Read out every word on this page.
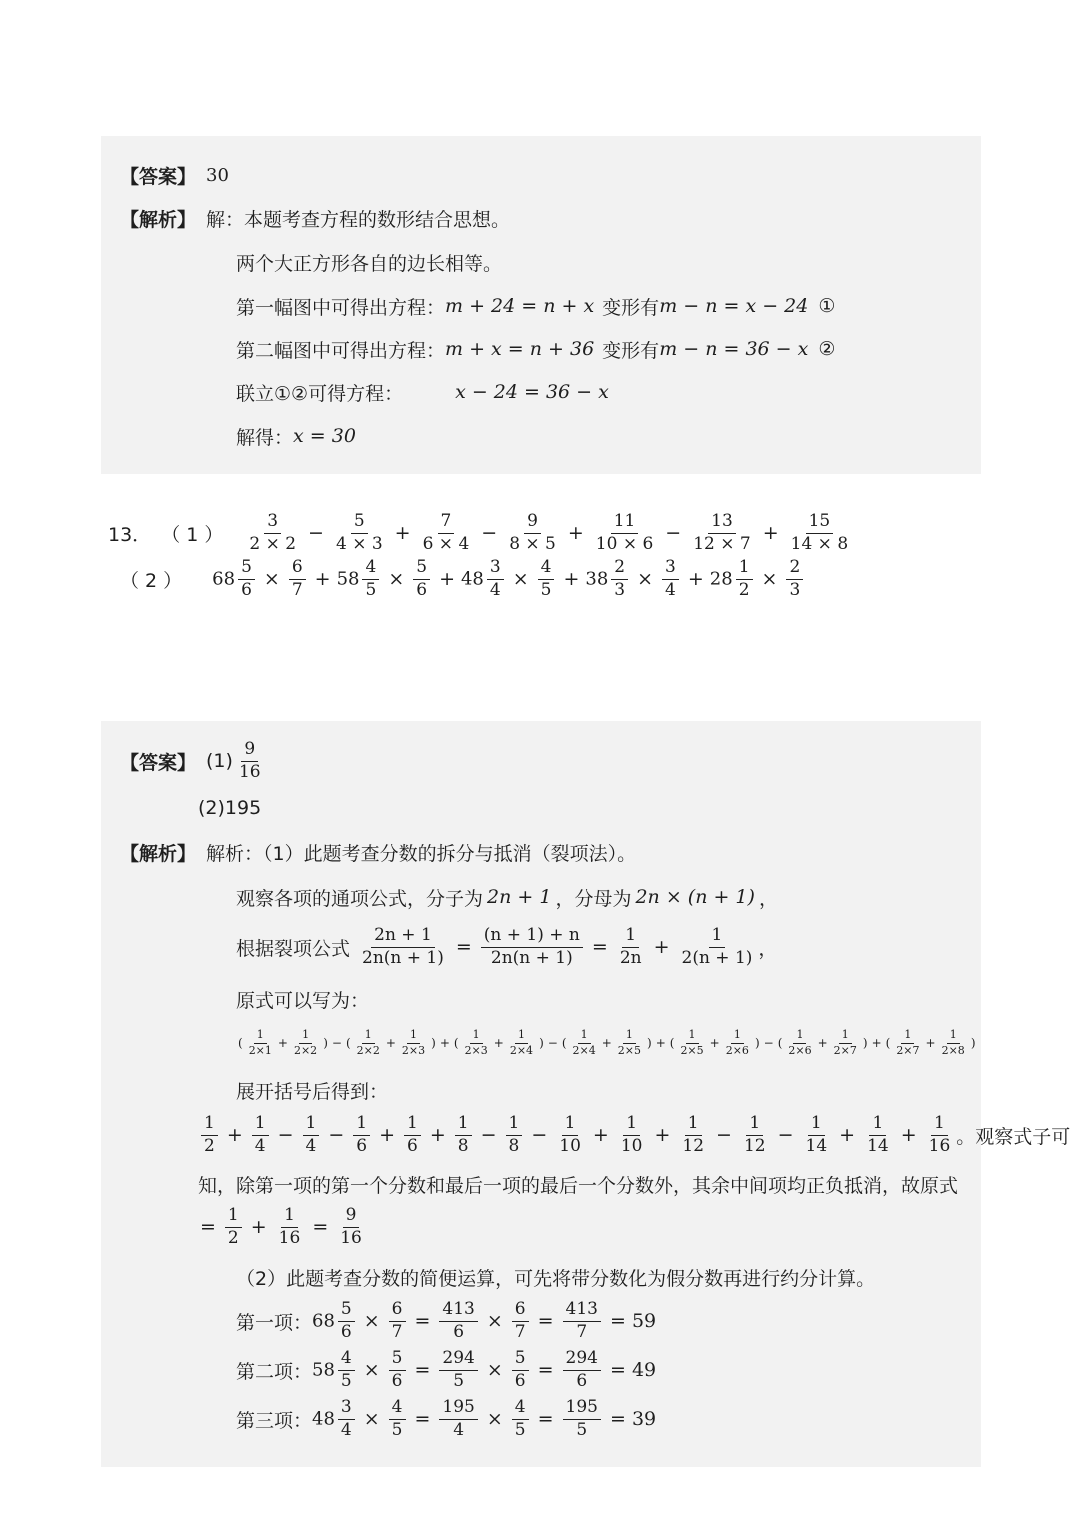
【答案】 30
【解析】 解：本题考查方程的数形结合思想。
两个大正方形各自的边长相等。
第一幅图中可得出方程： m + 24 = n + x 变形有 m − n = x − 24 ①
第二幅图中可得出方程： m + x = n + 36 变形有 m − n = 36 − x ②
联立①②可得方程：	x − 24 = 36 − x
解得： x = 30
13． （ 1 ） $\frac{3}{2 \times 2} - \frac{5}{4 \times 3} + \frac{7}{6 \times 4} - \frac{9}{8 \times 5} + \frac{11}{10 \times 6} - \frac{13}{12 \times 7} + \frac{15}{14 \times 8}$
（ 2 ） $68 \frac{5}{6} \times \frac{6}{7} + 58 \frac{4}{5} \times \frac{5}{6} + 48 \frac{3}{4} \times \frac{4}{5} + 38 \frac{2}{3} \times \frac{3}{4} + 28 \frac{1}{2} \times \frac{2}{3}$
【答案】 $(1) \frac{9}{16}$
(2)195
【解析】 解析：（1）此题考查分数的拆分与抵消（裂项法）。
观察各项的通项公式，分子为 2n + 1 ，分母为 2n × (n + 1) ，
根据裂项公式 $\frac{2n + 1}{2n(n + 1)} = \frac{(n + 1) + n}{2n(n + 1)} = \frac{1}{2n} + \frac{1}{2(n + 1)}$ ，
原式可以写为：
( $\frac{1}{2\times 1} + \frac{1}{2\times 2}$ ) − ( $\frac{1}{2\times 2} + \frac{1}{2\times 3}$ ) + ( $\frac{1}{2\times 3} + \frac{1}{2\times 4}$ ) − ( $\frac{1}{2\times 4} + \frac{1}{2\times 5}$ ) + ( $\frac{1}{2\times 5} + \frac{1}{2\times 6}$ ) − ( $\frac{1}{2\times 6} + \frac{1}{2\times 7}$ ) + ( $\frac{1}{2\times 7} + \frac{1}{2\times 8}$ )
展开括号后得到：
$\frac{1}{2} + \frac{1}{4} - \frac{1}{4} - \frac{1}{6} + \frac{1}{6} + \frac{1}{8} - \frac{1}{8} - \frac{1}{10} + \frac{1}{10} + \frac{1}{12} - \frac{1}{12} - \frac{1}{14} + \frac{1}{14} + \frac{1}{16}$ 。观察式子可
知，除第一项的第一个分数和最后一项的最后一个分数外，其余中间项均正负抵消，故原式
= $\frac{1}{2} + \frac{1}{16} = \frac{9}{16}$
（2）此题考查分数的简便运算，可先将带分数化为假分数再进行约分计算。
第一项： $68 \frac{5}{6} \times \frac{6}{7} = \frac{413}{6} \times \frac{6}{7} = \frac{413}{7} = 59$
第二项： $58 \frac{4}{5} \times \frac{5}{6} = \frac{294}{5} \times \frac{5}{6} = \frac{294}{6} = 49$
第三项： $48 \frac{3}{4} \times \frac{4}{5} = \frac{195}{4} \times \frac{4}{5} = \frac{195}{5} = 39$
